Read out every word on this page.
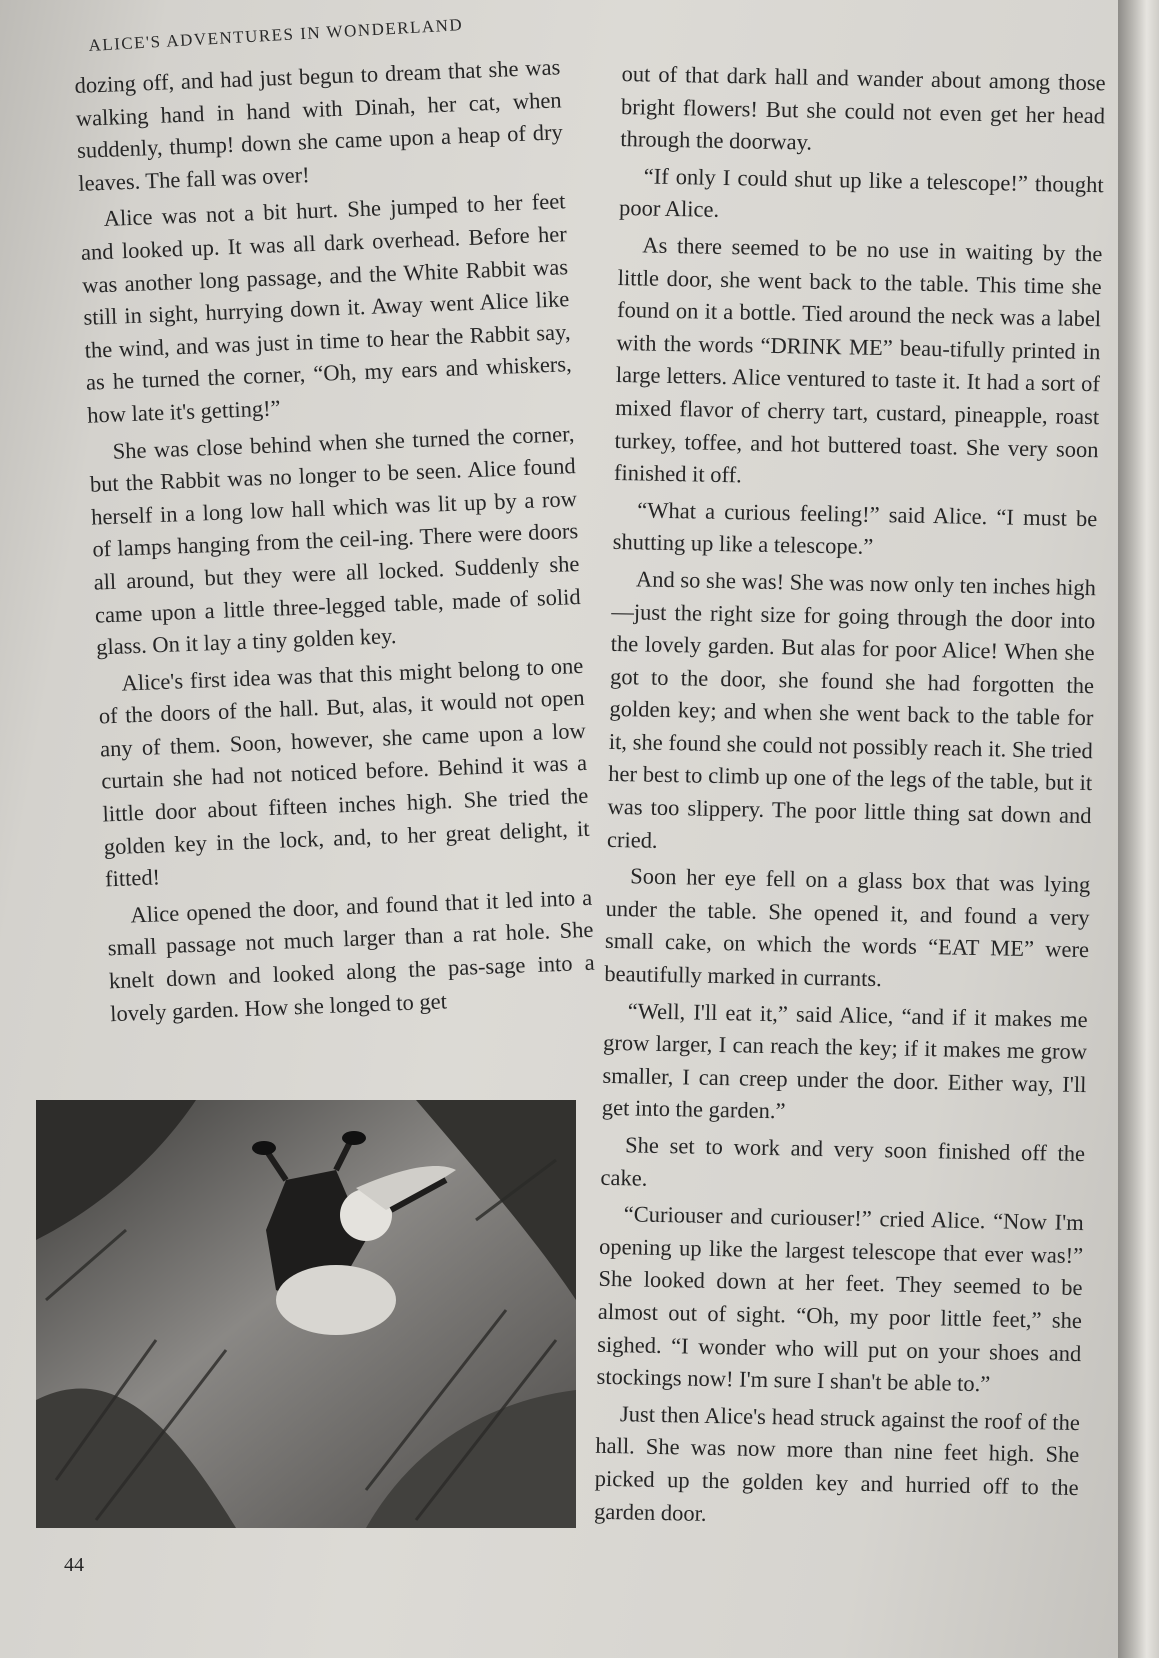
ALICE'S ADVENTURES IN WONDERLAND

dozing off, and had just begun to dream that she was walking hand in hand with Dinah, her cat, when suddenly, thump! down she came upon a heap of dry leaves. The fall was over!

Alice was not a bit hurt. She jumped to her feet and looked up. It was all dark overhead. Before her was another long passage, and the White Rabbit was still in sight, hurrying down it. Away went Alice like the wind, and was just in time to hear the Rabbit say, as he turned the corner, “Oh, my ears and whiskers, how late it's getting!”

She was close behind when she turned the corner, but the Rabbit was no longer to be seen. Alice found herself in a long low hall which was lit up by a row of lamps hanging from the ceil-ing. There were doors all around, but they were all locked. Suddenly she came upon a little three-legged table, made of solid glass. On it lay a tiny golden key.

Alice's first idea was that this might belong to one of the doors of the hall. But, alas, it would not open any of them. Soon, however, she came upon a low curtain she had not noticed before. Behind it was a little door about fifteen inches high. She tried the golden key in the lock, and, to her great delight, it fitted!

Alice opened the door, and found that it led into a small passage not much larger than a rat hole. She knelt down and looked along the pas-sage into a lovely garden. How she longed to get

out of that dark hall and wander about among those bright flowers! But she could not even get her head through the doorway.

“If only I could shut up like a telescope!” thought poor Alice.

As there seemed to be no use in waiting by the little door, she went back to the table. This time she found on it a bottle. Tied around the neck was a label with the words “DRINK ME” beau-tifully printed in large letters. Alice ventured to taste it. It had a sort of mixed flavor of cherry tart, custard, pineapple, roast turkey, toffee, and hot buttered toast. She very soon finished it off.

“What a curious feeling!” said Alice. “I must be shutting up like a telescope.”

And so she was! She was now only ten inches high—just the right size for going through the door into the lovely garden. But alas for poor Alice! When she got to the door, she found she had forgotten the golden key; and when she went back to the table for it, she found she could not possibly reach it. She tried her best to climb up one of the legs of the table, but it was too slippery. The poor little thing sat down and cried.

Soon her eye fell on a glass box that was lying under the table. She opened it, and found a very small cake, on which the words “EAT ME” were beautifully marked in currants.

“Well, I'll eat it,” said Alice, “and if it makes me grow larger, I can reach the key; if it makes me grow smaller, I can creep under the door. Either way, I'll get into the garden.”

She set to work and very soon finished off the cake.

“Curiouser and curiouser!” cried Alice. “Now I'm opening up like the largest telescope that ever was!” She looked down at her feet. They seemed to be almost out of sight. “Oh, my poor little feet,” she sighed. “I wonder who will put on your shoes and stockings now! I'm sure I shan't be able to.”

Just then Alice's head struck against the roof of the hall. She was now more than nine feet high. She picked up the golden key and hurried off to the garden door.

44
